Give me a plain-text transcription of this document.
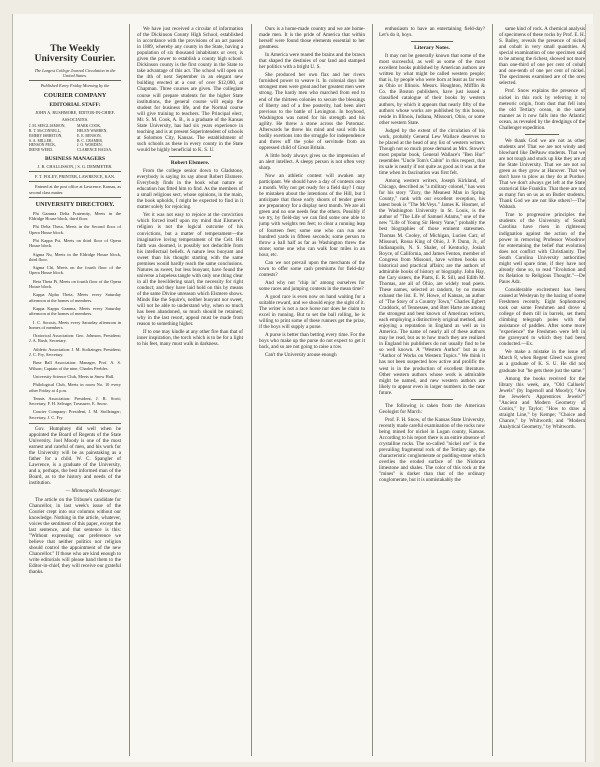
The Weekly University Courier.

The Largest College Journal Circulation in the United States.

Published Every Friday Morning by the

COURIER COMPANY
EDITORIAL STAFF:

JOHN A. RUSHMORE, EDITOR-IN-CHIEF.

ASSOCIATES.

J. M. SEEGLIAMSON,	MARK COOK,
R. T. McCONNELL,	HELEN WARREN,
EMERY ISBRETON,	E. E. BENSON,
S. A. MILLER,	B. C. CRAMER,
HENSON PECK,	J. O. WORDEN,
IRENE WEED.	CLARENCE HAUSA.
BUSINESS MANAGERS

J. R. CHALLISSON, | S. G. DEMMETER.

F. T. POLEY, PRINTER, LAWRENCE, KAN.

Entered at the post office at Lawrence, Kansas, as second class matter.

UNIVERSITY DIRECTORY.
Phi Gamma Delta Fraternity, Meets in the Eldridge House block, third floor.
Phi Delta Theta, Meets in the Second floor of Opera House block.
Phi Kappa Psi, Meets on third floor of Opera House block.
Sigma Nu, Meets in the Eldridge House block, third floor.
Sigma Chi, Meets on the fourth floor of the Opera House block.
Beta Theta Pi, Meets on fourth floor of the Opera House block.
Kappa Alpha Theta, Meets every Saturday afternoon at the homes of members.
Kappa Kappa Gamma, Meets every Saturday afternoon at the homes of members.
I. C. Sorosis, Meets every Saturday afternoon in homes of members.
Oratorical Association: Geo. Johnson, President; J. A. Rush, Secretary.
Athletic Association: J. M. Stoltzinger, President; J. C. Fry, Secretary.
Base Ball Association: Manager, Prof. A. S. Wilson; Captain of the nine, Charles Peebles.
University Science Club, Meets in Snow Hall.
Philological Club, Meets in room No. 10 every other Friday at 4 p.m.
Tennis Association: President, J. R. Scott; Secretary, F. H. Selvage; Treasurer, E. Snow.
Courier Company: President, J. M. Stollzinger; Secretary, J. C. Fry.

Gov. Humphrey did well when he appointed the Board of Regents of the State University. Joel Moody is one of the most earnest and careful of men, and his work for the University will be as painstaking as a father for a child. W. C. Spangler of Lawrence, is a graduate of the University, and a, perhaps, the best informed man of the Board, as to the history and needs of the institution.

— Minneapolis Messenger.

The article on the Tribune's candidate for Chancellor, in last week's issue of the Courier crept into our columns without our knowledge. Nothing in the article, whatever, voices the sentiment of this paper, except the last sentence, and that sentence is this: "Without expressing our preference we believe that neither politics nor religion should control the appointment of the new Chancellor." If those who are kind enough to write editorials will please hand them to the Editor-in-chief, they will receive our grateful thanks.

We have just received a circular of information of the Dickinson County High School, established in accordance with the provisions of an act passed in 1889, whereby any county in the State, having a population of six thousand inhabitants or over, is given the power to establish a county high school. Dickinson county is the first county in the State to take advantage of this act. The school will open on the 4th of next September in an elegant new building erected at a cost of over $12,000, at Chapman. Three courses are given. The collegiate course will prepare students for the higher State institutions, the general course will equip the student for business life, and the Normal course will give training to teachers. The Principal elect, Mr. S. M. Cook, A. B., is a graduate of the Kansas State University, has had six years experience in teaching and is at present Superintendent of schools at Solomon City, Kansas. The establishment of such schools as these in every county in the State would be highly beneficial to K. S. U.

Robert Elsmere.

From the college senior down to Gladstone, everybody is saying its say about Robert Elsmere. Everybody finds in the book what nature or education has fitted him to find. As the members of a small religious sect, whose opinions, in the main, the book upholds, I might be expected to find in it matter solely for rejoicing.

Yet it was not easy to rejoice at the conviction which forced itself upon my mind that Elsmere's religion is not the logical outcome of his convictions, but a matter of temperament—the imaginative loving temperament of the Celt. His faith was doomed, is possibly not deducible from his intellectual beliefs. A nature less buoyant and sweet than his thought starting with the same premises would hardly reach the same conclusions. Natures as sweet, but less buoyant, have found the universe a hopeless tangle with only one thing clear in all the bewildering snarl, the necessity for right conduct; and they have laid hold on this by means of the same Divine unreason which Elsmere shows. Minds like the Squire's, neither buoyant nor sweet, will not be able to understand why, when so much has been abandoned, so much should be retained; why in the last resort, appeal must be made from reason to something higher.

If to one may kindle at any other fire than that of inner inspiration, the torch which is to be for a light to his feet, many must walk in darkness.

Ours is a home-made country and we are home-made men. It is the pride of America that within herself were found those elements essential to her greatness.

In America were reared the brains and the brawn that shaped the destinies of our land and stamped her politics with a bright U. S.

She produced her own flax and her rivers furnished power to weave it. In colonial days her strongest men were great and her greatest men were strong. The hardy men who marched from end to end of the thirteen colonies to secure the blessings of liberty and of a free posterity, had been alert previous to the battle of Lexington. In boyhood, Washington was noted for his strength and his agility. He threw a stone across the Potomac. Afterwards he threw his mind and soul with his bodily exertions into the struggle for independence and threw off the yoke of servitude from an oppressed child of Great Britain.

A little body always gives us the impression of an alert intellect. A sleepy person is not often very sharp.

Now an athletic contest will awaken any participant. We should have a day of contests once a month. Why not get ready for a field day? I may be mistaken about the intentions of the Hill, but I anticipate that those early shoots of tender green are preparatory for a display next month. We are all green and no one needs fear the others. Possibly if we try, by field-day we can find some one able to jump with weights ten feet; to clear a running leap of fourteen feet; some one who can run one hundred yards in fifteen seconds; some person to throw a ball half as far as Washington threw the stone; some one who can walk four miles in an hour, etc.

Can we not prevail upon the merchants of the town to offer some cash premiums for field-day contests?

And why not "chip in" among ourselves for some races and jumping contests in the mean time?

A good race is even now on hand waiting for a suitable reward, and we should enjoy the sight of it. The writer is not a race horse nor does he claim to excel in running. But to set the ball rolling, he is willing to print some of these runners get the prize, if the boys will supply a purse.

A purse is better than betting every time. For the boys who make up the purse do not expect to get it back, and so are not going to raise a row.

Can't the University arouse enough

enthusiasm to have an entertaining field-day? Let's do it, boys.

Literary Notes.

It may not be generally known that some of the most successful, as well as some of the most excellent books published by American authors are written by what might be called western people; that is, by people who were born at least as far west as Ohio or Illinois. Messrs. Houghton, Mifflin & Co. the Boston publishers, have just issued a classified catalogue of their books by western authors, by which it appears that nearly fifty of the authors whose works are published by this house, reside in Illinois, Indiana, Missouri, Ohio, or some other western State.

Judged by the extent of the circulation of his work, probably General Lew Wallace deserves to be placed at the head of any list of western writers. Though not so much prose demand as Mrs. Stowe's most popular book, General Wallace's "Ben Hur" resembles "Uncle Tom's Cabin" in this respect, that its sale is nearly if not quite as good as it was at the time when its fascination was first felt.

Among western writers, Joseph Kirkland, of Chicago, described as "a military colonel," has won for his story "Zury, the Meanest Man in Spring County," rank with our excellent reception, his latest book is "The McVeys." James K. Hosmer, of the Washington University in St. Louis, is the author of "The Life of Samuel Adams," one of the new "Life of Young Sir Henry Vane," probably the best biographies of those eminent statesmen. Thomas M. Cooley, of Michigan, Lucien Carr, of Missouri, Rossa King of Ohio, J. P. Dunn, Jr., of Indianapolis, N. S. Shaler, of Kentucky, Josiah Royce, of California, and James Fenton, member of Congress from Missouri, have written books on historical and practical affairs; are the authors of admirable books of history or biography. John Hay, the Cary sisters, the Piatts, E. R. Sill, and Edith M. Thomas, are all of Ohio, are widely read poets. These names, selected at random, by no means exhaust the list. E. W. Howe, of Kansas, an author of "The Story of a Country Town," Charles Egbert Craddock, of Tennessee, and Bret Harte are among the strongest and best known of American writers, each employing a distinctively original method, and enjoying a reputation in England as well as in America. The name of nearly all of these authors may be read, but as to how much they are realized in England his publishers do not usually find to be so well known. A "Western Author" but as an "Author of Works on Western Topics." We think it has not been suspected how active and prolific the west is in the production of excellent literature. Other western authors whose work is admirable might be named, and new western authors are likely to appear even in larger numbers in the near future.

The following is taken from the American Geologist for March:

Prof. F. H. Snow, of the Kansas State University, recently made careful examination of the rocks now being mined for nickel in Logan county, Kansas. According to his report there is an entire absence of crystalline rocks. The so-called "nickel ore" is the prevailing fragmental rock of the Tertiary age, the characteristic conglomerate or pudding-stone which overlies the eroded surface of the Niobrara limestone and shales. The color of this rock at the "mines" is darker than that of the ordinary conglomerate, but it is unmistakably the

same kind of rock. A chemical analysis of specimens of these rocks by Prof. E. H. S. Bailey, reveals the presence of nickel and cobalt in very small quantities. A special examination of one specimen said to be among the richest, showed not more than one-third of one per cent of cobalt and one-tenth of one per cent of nickel. The specimens examined are of the ores selected.

Prof. Snow explains the presence of nickel in this rock by referring it to meteoric origin, from dust that fell into the old Tertiary ocean, in the same manner as it now falls into the Atlantic ocean, as revealed by the dredgings of the Challenger expedition.

We thank God we are not as other students are! That we are not windy and blowhard like DePauw students. That we are not tough and stuck up like they are at the State University. That we are not so green as they grow at Hanover. That we don't have to plow as they do at Purdue. That we don't always get left at the State oratorical like Franklin. That there are not as many fun on us as on Butler students. Thank God we are not like others!—The Wabash.

True to progressive principles the students of the University of South Carolina have risen in righteous indignation against the action of the power in removing Professor Woodrow for entertaining the belief that evolution does not conflict with Christianity. The South Carolina University authorities might well spare time, if they have not already done so, to read "Evolution and its Relation to Religious Thought."—De Pauw Adz.

Considerable excitement has been caused at Wesleyan by the hazing of some Freshmen recently. Eight Sophomores took out some Freshmen and drove a college of them till in barrels, set them climbing telegraph poles with the assistance of paddles. After some more "experience" the Freshmen were left in the graveyard to which they had been conducted.—Ex.

We make a mistake in the issue of March 8, when Regent Gleed was given as a graduate of K. S. U. He did not graduate but "he gets there just the same."

Among the books received for the library this week, are, "Old Calluels' Jewels" (by Ingersoll and Moody); "Are the Jeweler's Apprentices Jewels?" "Ancient and Modern Geometry of Conics," by Taylor; "How to draw a straight Line," by Kempe; "Choice and Chance," by Whitworth; and "Modern Analytical Geometry," by Whitworth.
